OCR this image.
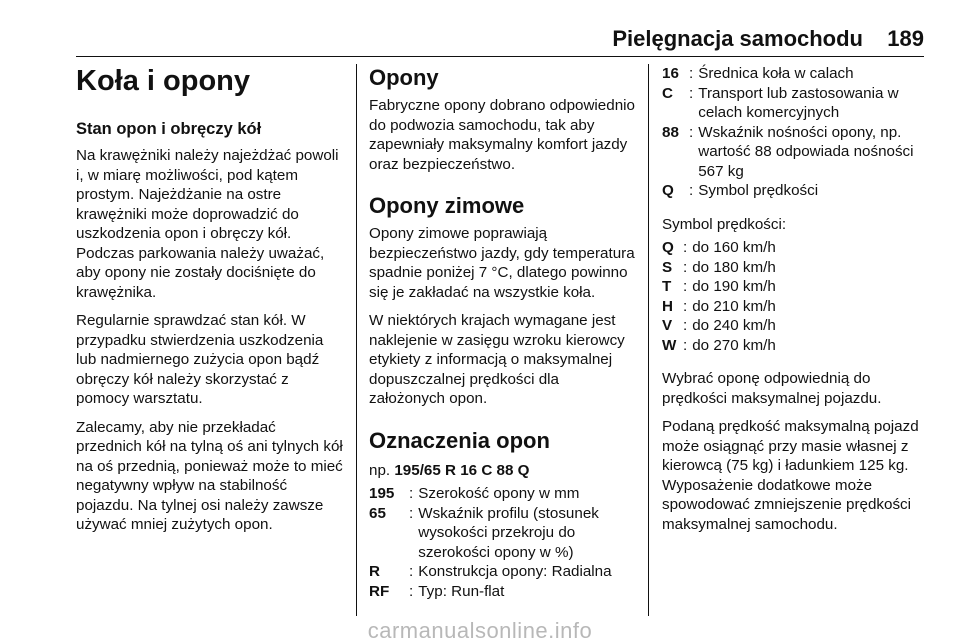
Pielęgnacja samochodu 189
Koła i opony
Stan opon i obręczy kół

Na krawężniki należy najeżdżać powoli i, w miarę możliwości, pod kątem prostym. Najeżdżanie na ostre krawężniki może doprowadzić do uszkodzenia opon i obręczy kół. Podczas parkowania należy uważać, aby opony nie zostały dociśnięte do krawężnika.

Regularnie sprawdzać stan kół. W przypadku stwierdzenia uszkodzenia lub nadmiernego zużycia opon bądź obręczy kół należy skorzystać z pomocy warsztatu.

Zalecamy, aby nie przekładać przednich kół na tylną oś ani tylnych kół na oś przednią, ponieważ może to mieć negatywny wpływ na stabilność pojazdu. Na tylnej osi należy zawsze używać mniej zużytych opon.

Opony

Fabryczne opony dobrano odpowiednio do podwozia samochodu, tak aby zapewniały maksymalny komfort jazdy oraz bezpieczeństwo.

Opony zimowe

Opony zimowe poprawiają bezpieczeństwo jazdy, gdy temperatura spadnie poniżej 7 °C, dlatego powinno się je zakładać na wszystkie koła.

W niektórych krajach wymagane jest naklejenie w zasięgu wzroku kierowcy etykiety z informacją o maksymalnej dopuszczalnej prędkości dla założonych opon.

Oznaczenia opon

np. 195/65 R 16 C 88 Q

195 : Szerokość opony w mm
65	: Wskaźnik profilu (stosunek wysokości przekroju do szerokości opony w %)
R	: Konstrukcja opony: Radialna
RF	: Typ: Run-flat
16 : Średnica koła w calach
C	: Transport lub zastosowania w celach komercyjnych
88 : Wskaźnik nośności opony, np. wartość 88 odpowiada nośności 567 kg
Q : Symbol prędkości

Symbol prędkości:

Q : do 160 km/h
S : do 180 km/h
T : do 190 km/h
H : do 210 km/h
V : do 240 km/h
W : do 270 km/h

Wybrać oponę odpowiednią do prędkości maksymalnej pojazdu.

Podaną prędkość maksymalną pojazd może osiągnąć przy masie własnej z kierowcą (75 kg) i ładunkiem 125 kg. Wyposażenie dodatkowe może spowodować zmniejszenie prędkości maksymalnej samochodu.

carmanualsonline.info
